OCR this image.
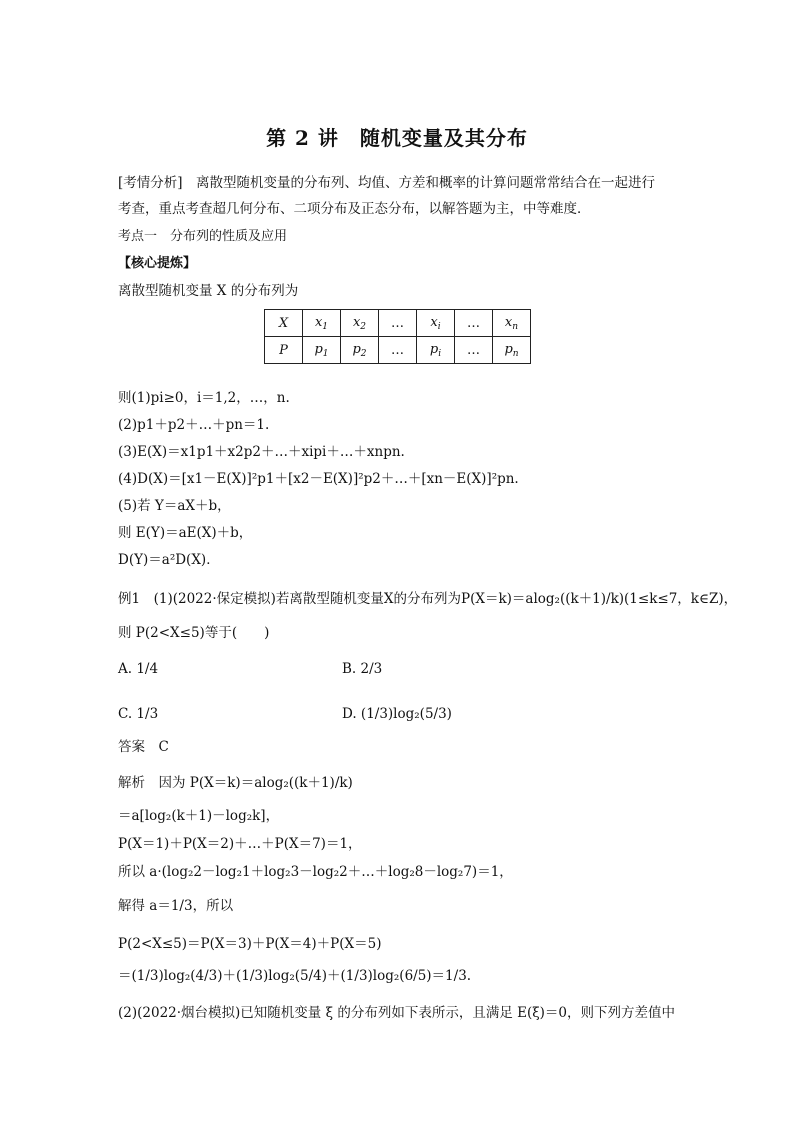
第 2 讲　随机变量及其分布
[考情分析]　离散型随机变量的分布列、均值、方差和概率的计算问题常常结合在一起进行
考查，重点考查超几何分布、二项分布及正态分布，以解答题为主，中等难度．
考点一　分布列的性质及应用
【核心提炼】
离散型随机变量 X 的分布列为
X	$x_1$	$x_2$	…	$x_i$	…	$x_n$
P	$p_1$	$p_2$	…	$p_i$	…	$p_n$
则(1)pi≥0，i＝1,2，…，n.
(2)p1＋p2＋…＋pn＝1.
(3)E(X)＝x1p1＋x2p2＋…＋xipi＋…＋xnpn.
(4)D(X)＝[x1－E(X)]²p1＋[x2－E(X)]²p2＋…＋[xn－E(X)]²pn.
(5)若 Y＝aX＋b，
则 E(Y)＝aE(X)＋b，
D(Y)＝a²D(X)．
例1　(1)(2022·保定模拟)若离散型随机变量X的分布列为P(X＝k)＝alog₂((k＋1)/k)(1≤k≤7，k∈Z)，
则 P(2<X≤5)等于(　　)
A. 1/4	B. 2/3
C. 1/3	D. (1/3)log₂(5/3)
答案　C
解析　因为 P(X＝k)＝alog₂((k＋1)/k)
＝a[log₂(k＋1)－log₂k]，
P(X＝1)＋P(X＝2)＋…＋P(X＝7)＝1，
所以 a·(log₂2－log₂1＋log₂3－log₂2＋…＋log₂8－log₂7)＝1，
解得 a＝1/3，所以
P(2<X≤5)＝P(X＝3)＋P(X＝4)＋P(X＝5)
＝(1/3)log₂(4/3)＋(1/3)log₂(5/4)＋(1/3)log₂(6/5)＝1/3.
(2)(2022·烟台模拟)已知随机变量 ξ 的分布列如下表所示，且满足 E(ξ)＝0，则下列方差值中
